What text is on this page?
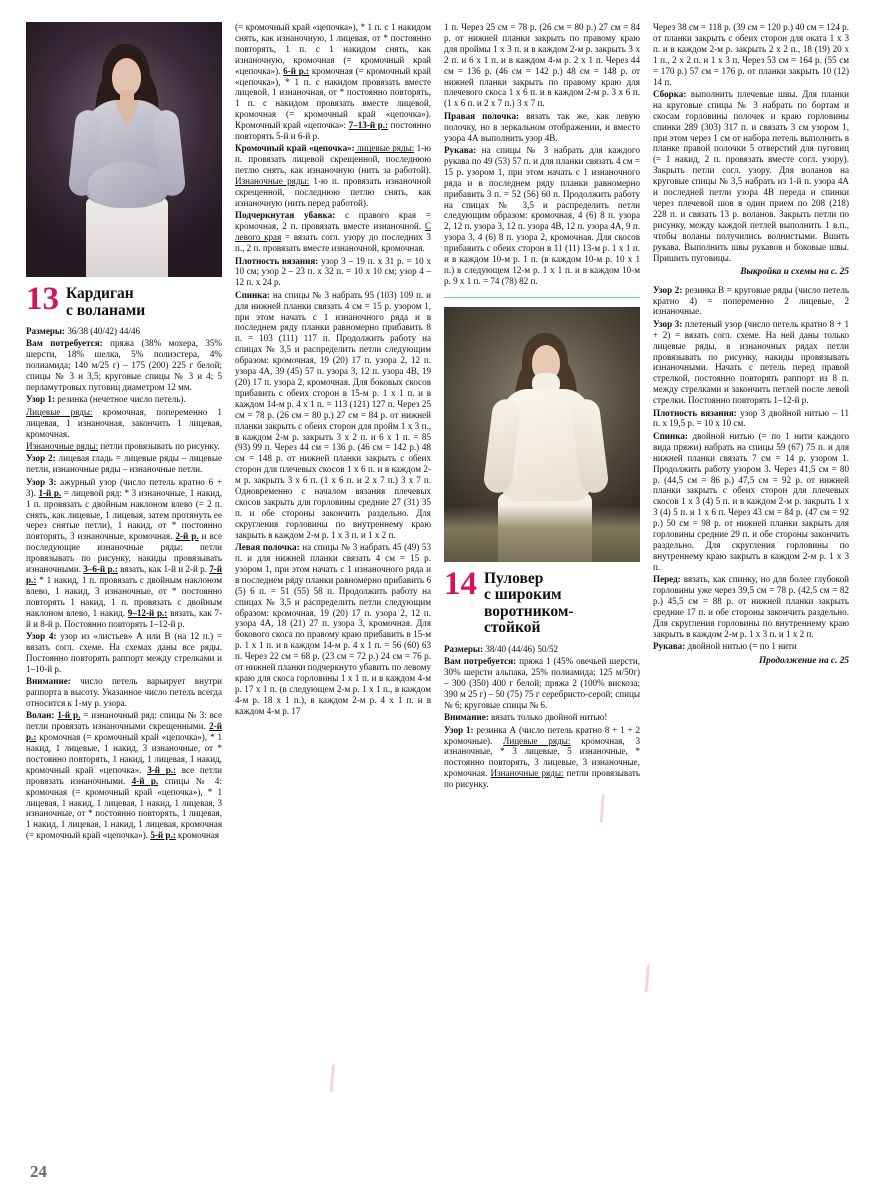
13 Кардиган
с воланами

Размеры: 36/38 (40/42) 44/46

Вам потребуется: пряжа (38% мохера, 35% шерсти, 18% шелка, 5% полиэстера, 4% полиамида; 140 м/25 г) – 175 (200) 225 г белой; спицы № 3 и 3,5; круговые спицы № 3 и 4; 5 перламутровых пуговиц диаметром 12 мм.

Узор 1: резинка (нечетное число петель).

Лицевые ряды: кромочная, попеременно 1 лицевая, 1 изнаночная, закончить 1 лицевая, кромочная.

Изнаночные ряды: петли провязывать по рисунку.

Узор 2: лицевая гладь = лицевые ряды – лицевые петли, изнаночные ряды – изнаночные петли.

Узор 3: ажурный узор (число петель кратно 6 + 3). 1-й р. = лицевой ряд: * 3 изнаночные, 1 накид, 1 п. провязать с двойным наклоном влево (= 2 п. снять, как лицевые, 1 лицевая, затем протянуть ее через снятые петли), 1 накид, от * постоянно повторять, 3 изнаночные, кромочная. 2-й р. и все последующие изнаночные ряды: петли провязывать по рисунку, накиды провязывать изнаночными. 3–6-й р.: вязать, как 1-й и 2-й р. 7-й р.: * 1 накид, 1 п. провязать с двойным наклоном влево, 1 накид, 3 изнаночные, от * постоянно повторять 1 накид, 1 п. провязать с двойным наклоном влево, 1 накид. 9–12-й р.: вязать, как 7-й и 8-й р. Постоянно повторять 1–12-й р.

Узор 4: узор из «листьев» А или В (на 12 п.) = вязать согл. схеме. На схемах даны все ряды. Постоянно повторять раппорт между стрелками и 1–10-й р.

Внимание: число петель варьирует внутри раппорта в высоту. Указанное число петель всегда относится к 1-му р. узора.

Волан: 1-й р. = изнаночный ряд: спицы № 3: все петли провязать изнаночными скрещенными. 2-й р.: кромочная (= кромочный край «цепочка»), * 1 накид, 1 лицевые, 1 накид, 3 изнаночные, от * постоянно повторять, 1 накид, 1 лицевая, 1 накид, кромочный край «цепочка». 3-й р.: все петли провязать изнаночными. 4-й р. спицы № 4: кромочная (= кромочный край «цепочка»), * 1 лицевая, 1 накид, 1 лицевая, 1 накид, 1 лицевая, 3 изнаночные, от * постоянно повторять, 1 лицевая, 1 накид, 1 лицевая, 1 накид, 1 лицевая, кромочная (= кромочный край «цепочка»). 5-й р.: кромочная

(= кромочный край «цепочка»), * 1 п. с 1 накидом снять, как изнаночную, 1 лицевая, от * постоянно повторять, 1 п. с 1 накидом снять, как изнаночную, кромочная (= кромочный край «цепочка»). 6-й р.: кромочная (= кромочный край «цепочка»), * 1 п. с накидом провязать вместе лицевой, 1 изнаночная, от * постоянно повторять, 1 п. с накидом провязать вместе лицевой, кромочная (= кромочный край «цепочка»). Кромочный край «цепочка»: 7–13-й р.: постоянно повторять 5-й и 6-й р.

Кромочный край «цепочка»: лицевые ряды: 1-ю п. провязать лицевой скрещенной, последнюю петлю снять, как изнаночную (нить за работой). Изнаночные ряды: 1-ю п. провязать изнаночной скрещенной, последнюю петлю снять, как изнаночную (нить перед работой).

Подчеркнутая убавка: с правого края = кромочная, 2 п. провязать вместе изнаночной. С левого края = вязать согл. узору до последних 3 п., 2 п. провязать вместе изнаночной, кромочная.

Плотность вязания: узор 3 – 19 п. х 31 р. = 10 х 10 см; узор 2 – 23 п. х 32 п. = 10 х 10 см; узор 4 – 12 п. х 24 р.

Спинка: на спицы № 3 набрать 95 (103) 109 п. и для нижней планки связать 4 см = 15 р. узором 1, при этом начать с 1 изнаночного ряда и в последнем ряду планки равномерно прибавить 8 п. = 103 (111) 117 п. Продолжить работу на спицах № 3,5 и распределить петли следующим образом: кромочная, 19 (20) 17 п. узора 2, 12 п. узора 4А, 39 (45) 57 п. узора 3, 12 п. узора 4В, 19 (20) 17 п. узора 2, кромочная. Для боковых скосов прибавить с обеих сторон в 15-м р. 1 х 1 п. и в каждом 14-м р. 4 х 1 п. = 113 (121) 127 п. Через 25 см = 78 р. (26 см = 80 р.) 27 см = 84 р. от нижней планки закрыть с обеих сторон для пройм 1 х 3 п., в каждом 2-м р. закрыть 3 х 2 п. и 6 х 1 п. = 85 (93) 99 п. Через 44 см = 136 р. (46 см = 142 р.) 48 см = 148 р. от нижней планки закрыть с обеих сторон для плечевых скосов 1 х 6 п. и в каждом 2-м р. закрыть 3 х 6 п. (1 х 6 п. и 2 х 7 п.) 3 х 7 п. Одновременно с началом вязания плечевых скосов закрыть для горловины средние 27 (31) 35 п. и обе стороны закончить раздельно. Для скругления горловины по внутреннему краю закрыть в каждом 2-м р. 1 х 3 п. и 1 х 2 п.

Левая полочка: на спицы № 3 набрать 45 (49) 53 п. и для нижней планки связать 4 см = 15 р. узором 1, при этом начать с 1 изнаночного ряда и в последнем ряду планки равномерно прибавить 6 (5) 6 п. = 51 (55) 58 п. Продолжить работу на спицах № 3,5 и распределить петли следующим образом: кромочная, 19 (20) 17 п. узора 2, 12 п. узора 4А, 18 (21) 27 п. узора 3, кромочная. Для бокового скоса по правому краю прибавить в 15-м р. 1 х 1 п. и в каждом 14-м р. 4 х 1 п. = 56 (60) 63 п. Через 22 см = 68 р. (23 см = 72 р.) 24 см = 76 р. от нижней планки подчеркнуто убавить по левому краю для скоса горловины 1 х 1 п. и в каждом 4-м р. 17 х 1 п. (в следующем 2-м р. 1 х 1 п., в каждом 4-м р. 18 х 1 п.), в каждом 2-м р. 4 х 1 п. и в каждом 4-м р. 17

1 п. Через 25 см = 78 р. (26 см = 80 р.) 27 см = 84 р. от нижней планки закрыть по правому краю для проймы 1 х 3 п. и в каждом 2-м р. закрыть 3 х 2 п. и 6 х 1 п. и в каждом 4-м р. 2 х 1 п. Через 44 см = 136 р. (46 см = 142 р.) 48 см = 148 р. от нижней планки закрыть по правому краю для плечевого скоса 1 х 6 п. и в каждом 2-м р. 3 х 6 п. (1 х 6 п. и 2 х 7 п.) 3 х 7 п.

Правая полочка: вязать так же, как левую полочку, но в зеркальном отображении, и вместо узора 4А выполнить узор 4В.

Рукава: на спицы № 3 набрать для каждого рукава по 49 (53) 57 п. и для планки связать 4 см = 15 р. узором 1, при этом начать с 1 изнаночного ряда и в последнем ряду планки равномерно прибавить 3 п. = 52 (56) 60 п. Продолжить работу на спицах № 3,5 и распределить петли следующим образом: кромочная, 4 (6) 8 п. узора 2, 12 п. узора 3, 12 п. узора 4В, 12 п. узора 4А, 9 п. узора 3, 4 (6) 8 п. узора 2, кромочная. Для скосов прибавить с обеих сторон в 11 (11) 13-м р. 1 х 1 п. и в каждом 10-м р. 1 п. (в каждом 10-м р. 10 х 1 п.) в следующем 12-м р. 1 х 1 п. и в каждом 10-м р. 9 х 1 п. = 74 (78) 82 п.

14 Пуловер
с широким
воротником-
стойкой

Размеры: 38/40 (44/46) 50/52

Вам потребуется: пряжа 1 (45% овечьей шерсти, 30% шерсти альпака, 25% полиамида; 125 м/50г) – 300 (350) 400 г белой; пряжа 2 (100% вискоза; 390 м 25 г) – 50 (75) 75 г серебристо-серой; спицы № 6; круговые спицы № 6.

Внимание: вязать только двойной нитью!

Узор 1: резинка А (число петель кратно 8 + 1 + 2 кромочные). Лицевые ряды: кромочная, 3 изнаночные, * 3 лицевые, 5 изнаночные, * постоянно повторять, 3 лицевые, 3 изнаночные, кромочная. Изнаночные ряды: петли провязывать по рисунку.

Через 38 см = 118 р. (39 см = 120 р.) 40 см = 124 р. от планки закрыть с обеих сторон для оката 1 х 3 п. и в каждом 2-м р. закрыть 2 х 2 п., 18 (19) 20 х 1 п., 2 х 2 п. и 1 х 3 п. Через 53 см = 164 р. (55 см = 170 р.) 57 см = 176 р. от планки закрыть 10 (12) 14 п.

Сборка: выполнить плечевые швы. Для планки на круговые спицы № 3 набрать по бортам и скосам горловины полочек и краю горловины спинки 289 (303) 317 п. и связать 3 см узором 1, при этом через 1 см от набора петель выполнить в планке правой полочки 5 отверстий для пуговиц (= 1 накид, 2 п. провязать вместе согл. узору). Закрыть петли согл. узору. Для воланов на круговые спицы № 3,5 набрать из 1-й п. узора 4А и последней петли узора 4В переда и спинки через плечевой шов в один прием по 208 (218) 228 п. и связать 13 р. воланов. Закрыть петли по рисунку, между каждой петлей выполнить 1 в.п., чтобы воланы получились волнистыми. Вшить рукава. Выполнить швы рукавов и боковые швы. Пришить пуговицы.

Выкройка и схемы на с. 25

Узор 2: резинка В = круговые ряды (число петель кратно 4) = попеременно 2 лицевые, 2 изнаночные.

Узор 3: плетеный узор (число петель кратно 8 + 1 + 2) = вязать согл. схеме. На ней даны только лицевые ряды, в изнаночных рядах петли провязывать по рисунку, накиды провязывать изнаночными. Начать с петель перед правой стрелкой, постоянно повторять раппорт из 8 п. между стрелками и закончить петлей после левой стрелки. Постоянно повторять 1–12-й р.

Плотность вязания: узор 3 двойной нитью – 11 п. х 19,5 р. = 10 х 10 см.

Спинка: двойной нитью (= по 1 нити каждого вида пряжи) набрать на спицы 59 (67) 75 п. и для нижней планки связать 7 см = 14 р. узором 1. Продолжить работу узором 3. Через 41,5 см = 80 р. (44,5 см = 86 р.) 47,5 см = 92 р. от нижней планки закрыть с обеих сторон для плечевых скосов 1 х 3 (4) 5 п. и в каждом 2-м р. закрыть 1 х 3 (4) 5 п. и 1 х 6 п. Через 43 см = 84 р. (47 см = 92 р.) 50 см = 98 р. от нижней планки закрыть для горловины средние 29 п. и обе стороны закончить раздельно. Для скругления горловины по внутреннему краю закрыть в каждом 2-м р. 1 х 3 п.

Перед: вязать, как спинку, но для более глубокой горловины уже через 39,5 см = 78 р. (42,5 см = 82 р.) 45,5 см = 88 р. от нижней планки закрыть средние 17 п. и обе стороны закончить раздельно. Для скругления горловины по внутреннему краю закрыть в каждом 2-м р. 1 х 3 п. и 1 х 2 п.

Рукава: двойной нитью (= по 1 нити

Продолжение на с. 25

24
⁄
⁄
⁄
